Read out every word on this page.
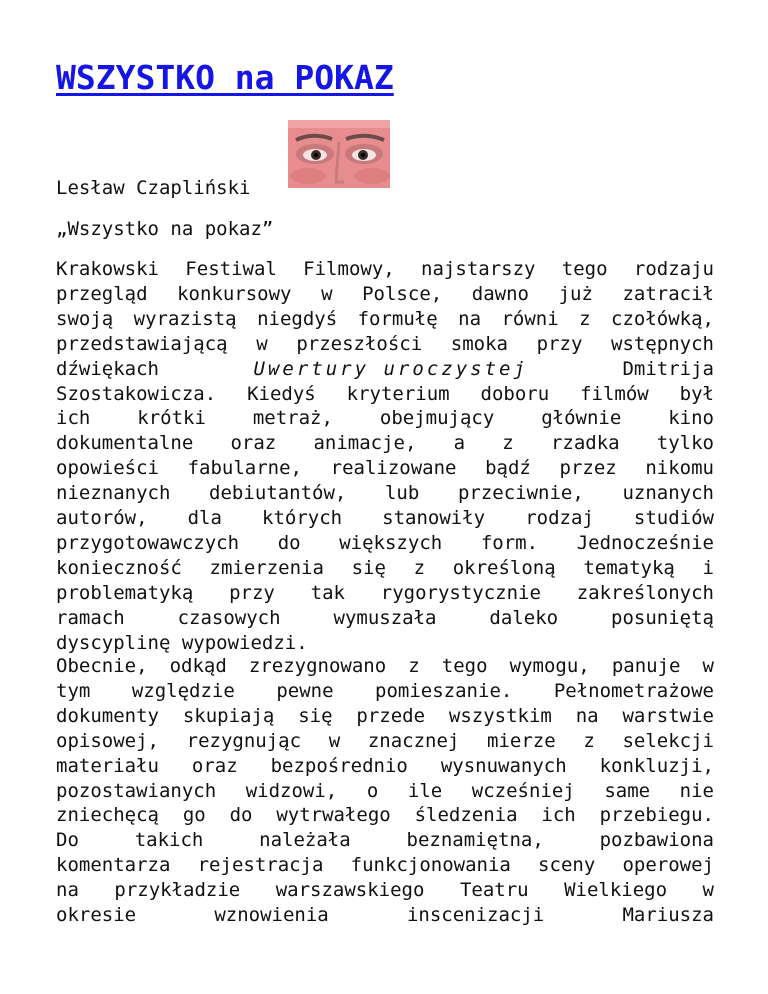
WSZYSTKO na POKAZ
Lesław Czapliński
„Wszystko na pokaz”

Krakowski Festiwal Filmowy, najstarszy tego rodzaju
przegląd konkursowy w Polsce, dawno już zatracił
swoją wyrazistą niegdyś formułę na równi z czołówką,
przedstawiającą w przeszłości smoka przy wstępnych
dźwiękach	Uwertury uroczystej	Dmitrija
Szostakowicza. Kiedyś kryterium doboru filmów był
ich krótki metraż, obejmujący głównie kino
dokumentalne oraz animacje, a z rzadka tylko
opowieści fabularne, realizowane bądź przez nikomu
nieznanych debiutantów, lub przeciwnie, uznanych
autorów, dla których stanowiły rodzaj studiów
przygotowawczych do większych form. Jednocześnie
konieczność zmierzenia się z określoną tematyką i
problematyką przy tak rygorystycznie zakreślonych
ramach czasowych wymuszała daleko posuniętą
dyscyplinę wypowiedzi.

Obecnie, odkąd zrezygnowano z tego wymogu, panuje w
tym względzie pewne pomieszanie. Pełnometrażowe
dokumenty skupiają się przede wszystkim na warstwie
opisowej, rezygnując w znacznej mierze z selekcji
materiału oraz bezpośrednio wysnuwanych konkluzji,
pozostawianych widzowi, o ile wcześniej same nie
zniechęcą go do wytrwałego śledzenia ich przebiegu.
Do takich należała beznamiętna, pozbawiona
komentarza rejestracja funkcjonowania sceny operowej
na przykładzie warszawskiego Teatru Wielkiego w
okresie wznowienia inscenizacji Mariusza
